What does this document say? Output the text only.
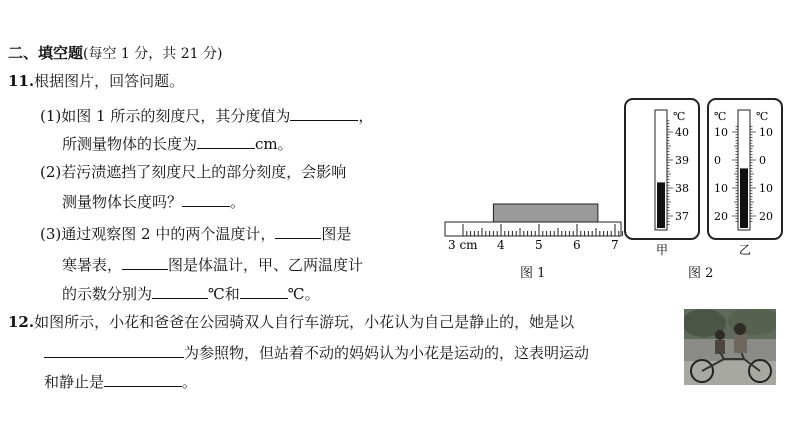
二、填空题(每空 1 分，共 21 分)
11.根据图片，回答问题。
(1)如图 1 所示的刻度尺，其分度值为	，
所测量物体的长度为	cm。
(2)若污渍遮挡了刻度尺上的部分刻度，会影响
测量物体长度吗？	。
(3)通过观察图 2 中的两个温度计，	图是
寒暑表，	图是体温计，甲、乙两温度计
的示数分别为	℃和	℃。
3 cm 4	5	6	7
图 1
℃
40
39
38
37
甲
℃	℃
10
0
10
20
10
0
10
20
乙
图 2
12.如图所示，小花和爸爸在公园骑双人自行车游玩，小花认为自己是静止的，她是以
为参照物，但站着不动的妈妈认为小花是运动的，这表明运动
和静止是	。
